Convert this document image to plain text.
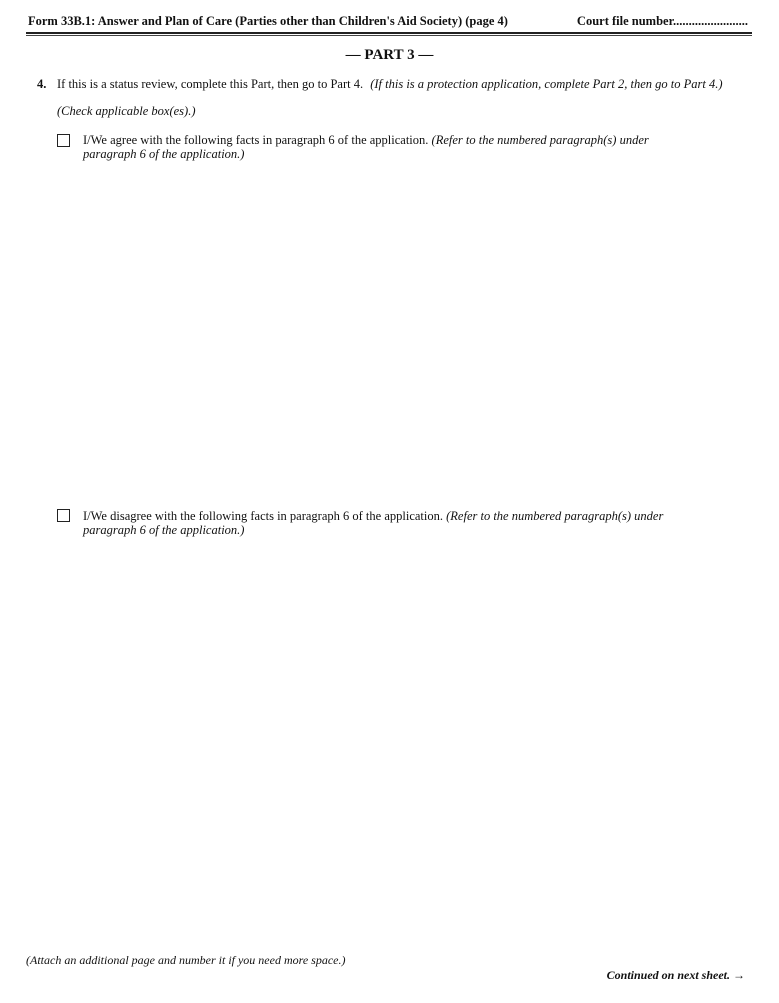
Form 33B.1: Answer and Plan of Care (Parties other than Children's Aid Society) (page 4)	Court file number........................
— PART 3 —
4. If this is a status review, complete this Part, then go to Part 4. (If this is a protection application, complete Part 2, then go to Part 4.)
(Check applicable box(es).)
I/We agree with the following facts in paragraph 6 of the application. (Refer to the numbered paragraph(s) under paragraph 6 of the application.)
I/We disagree with the following facts in paragraph 6 of the application. (Refer to the numbered paragraph(s) under paragraph 6 of the application.)
(Attach an additional page and number it if you need more space.)
Continued on next sheet. →
